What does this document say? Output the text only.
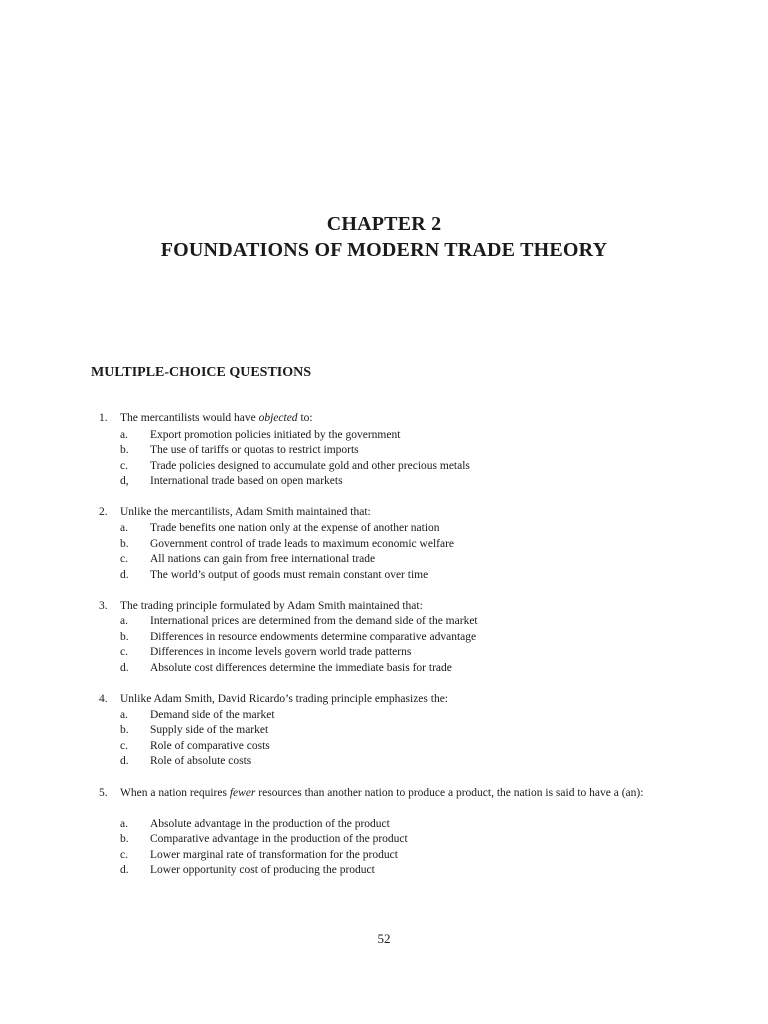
CHAPTER 2
FOUNDATIONS OF MODERN TRADE THEORY
MULTIPLE-CHOICE QUESTIONS
1. The mercantilists would have objected to:
a. Export promotion policies initiated by the government
b. The use of tariffs or quotas to restrict imports
c. Trade policies designed to accumulate gold and other precious metals
d, International trade based on open markets
2. Unlike the mercantilists, Adam Smith maintained that:
a. Trade benefits one nation only at the expense of another nation
b. Government control of trade leads to maximum economic welfare
c. All nations can gain from free international trade
d. The world’s output of goods must remain constant over time
3. The trading principle formulated by Adam Smith maintained that:
a. International prices are determined from the demand side of the market
b. Differences in resource endowments determine comparative advantage
c. Differences in income levels govern world trade patterns
d. Absolute cost differences determine the immediate basis for trade
4. Unlike Adam Smith, David Ricardo’s trading principle emphasizes the:
a. Demand side of the market
b. Supply side of the market
c. Role of comparative costs
d. Role of absolute costs
5. When a nation requires fewer resources than another nation to produce a product, the nation is said to have a (an):
a. Absolute advantage in the production of the product
b. Comparative advantage in the production of the product
c. Lower marginal rate of transformation for the product
d. Lower opportunity cost of producing the product
52
